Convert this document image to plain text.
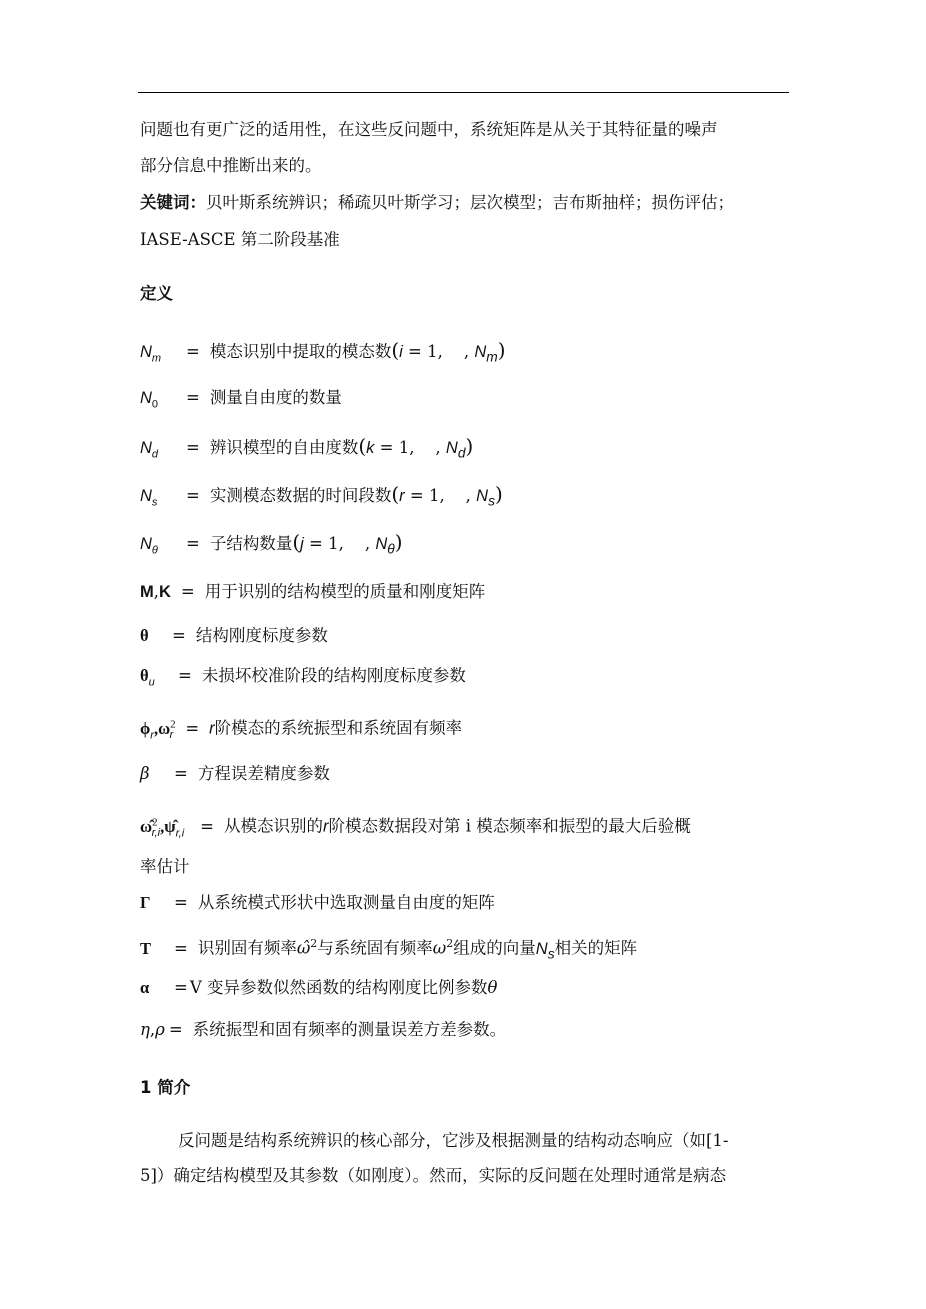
问题也有更广泛的适用性，在这些反问题中，系统矩阵是从关于其特征量的噪声
部分信息中推断出来的。
关键词：贝叶斯系统辨识；稀疏贝叶斯学习；层次模型；吉布斯抽样；损伤评估；
IASE-ASCE 第二阶段基准
定义
$N_m$ = 模态识别中提取的模态数(i = 1,    , $N_m$)
$N_0$ = 测量自由度的数量
$N_d$ = 辨识模型的自由度数(k = 1,    , $N_d$)
$N_s$ = 实测模态数据的时间段数(r = 1,    , $N_s$)
$N_\theta$ = 子结构数量(j = 1,    , $N_\theta$)
M,K = 用于识别的结构模型的质量和刚度矩阵
θ = 结构刚度标度参数
$\theta_u$ = 未损坏校准阶段的结构刚度标度参数
$\phi_r,\omega^2_r = r$阶模态的系统振型和系统固有频率
β = 方程误差精度参数
$\omegâ^2_{r,i},\psî_{r,i}$ = 从模态识别的r阶模态数据段对第 i 模态频率和振型的最大后验概
率估计
Γ = 从系统模式形状中选取测量自由度的矩阵
T = 识别固有频率ω̂$^2$与系统固有频率$\omega^2$组成的向量$N_s$相关的矩阵
α = V 变异参数似然函数的结构刚度比例参数θ
η,ρ = 系统振型和固有频率的测量误差方差参数。
1 简介
反问题是结构系统辨识的核心部分，它涉及根据测量的结构动态响应（如[1-
5]）确定结构模型及其参数（如刚度）。然而，实际的反问题在处理时通常是病态
